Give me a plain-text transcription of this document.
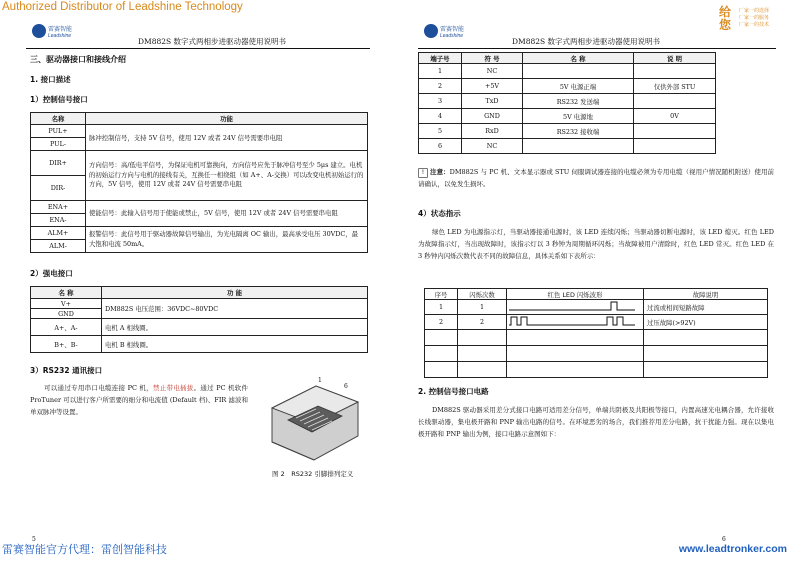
Authorized Distributor of Leadshine Technology	给
您
厂家一的选择
厂家一的服务
厂家一的技术
雷赛智能
Leadshine
DM882S 数字式两相步进驱动器使用说明书
三、驱动器接口和接线介绍
1. 接口描述
1）控制信号接口
名称	功能
PUL+	脉冲控制信号，支持 5V 信号，使用 12V 或者 24V 信号需要串电阻
PUL-	
DIR+	方向信号：高/低电平信号，为保证电机可靠换向，方向信号应先于脉冲信号至少 5μs 建立。电机的初始运行方向与电机的接线有关，互换任一相绕组（如 A+、A-交换）可以改变电机初始运行的方向，5V 信号，使用 12V 或者 24V 信号需要串电阻
DIR-	
ENA+	使能信号：此输入信号用于使能或禁止，5V 信号，使用 12V 或者 24V 信号需要串电阻
ENA-	
ALM+	报警信号：此信号用于驱动器故障信号输出，为光电隔离 OC 输出，最高承受电压 30VDC，最大饱和电流 50mA。
ALM-	
2）强电接口
名 称	功 能
V+	DM882S 电压范围：36VDC~80VDC
GND	
A+、A-	电机 A 相线圈。
B+、B-	电机 B 相线圈。
3）RS232 通讯接口
可以通过专用串口电缆连接 PC 机，禁止带电插拔。通过 PC 机软件 ProTuner 可以进行客户所需要的细分和电流值 (Default 档)、FIR 滤波和单双脉冲等设置。
1
6
图 2　RS232 引脚排列定义
5
雷赛智能
Leadshine
DM882S 数字式两相步进驱动器使用说明书
端子号	符 号	名 称	说 明
1	NC		
2	+5V	5V 电源正端	仅供外部 STU
3	TxD	RS232 发送端	
4	GND	5V 电源地	0V
5	RxD	RS232 接收端	
6	NC		
! 注意：DM882S 与 PC 机、文本显示器或 STU 伺服调试器连接的电缆必须为专用电缆（视用户情况随机附送）使用前请确认，以免发生损坏。
4）状态指示
绿色 LED 为电源指示灯，当驱动器接通电源时，该 LED 连续闪烁；当驱动器切断电源时，该 LED 熄灭。红色 LED 为故障指示灯，当出现故障时，该指示灯以 3 秒钟为周期循环闪烁；当故障被用户清除时，红色 LED 常灭。红色 LED 在 3 秒钟内闪烁次数代表不同的故障信息，具体关系如下表所示：
序号	闪烁次数	红色 LED 闪烁波形	故障说明
1	1		过流或相间短路故障
2	2		过压故障(>92V)

2. 控制信号接口电路
DM882S 驱动器采用差分式接口电路可适用差分信号，单端共阴极及共阳极等接口，内置高速光电耦合器，允许接收长线驱动器，集电极开路和 PNP 输出电路的信号。在环境恶劣的场合，我们推荐用差分电路，抗干扰能力强。现在以集电极开路和 PNP 输出为例，接口电路示意图如下：
6
雷赛智能官方代理：雷创智能科技	www.leadtronker.com
